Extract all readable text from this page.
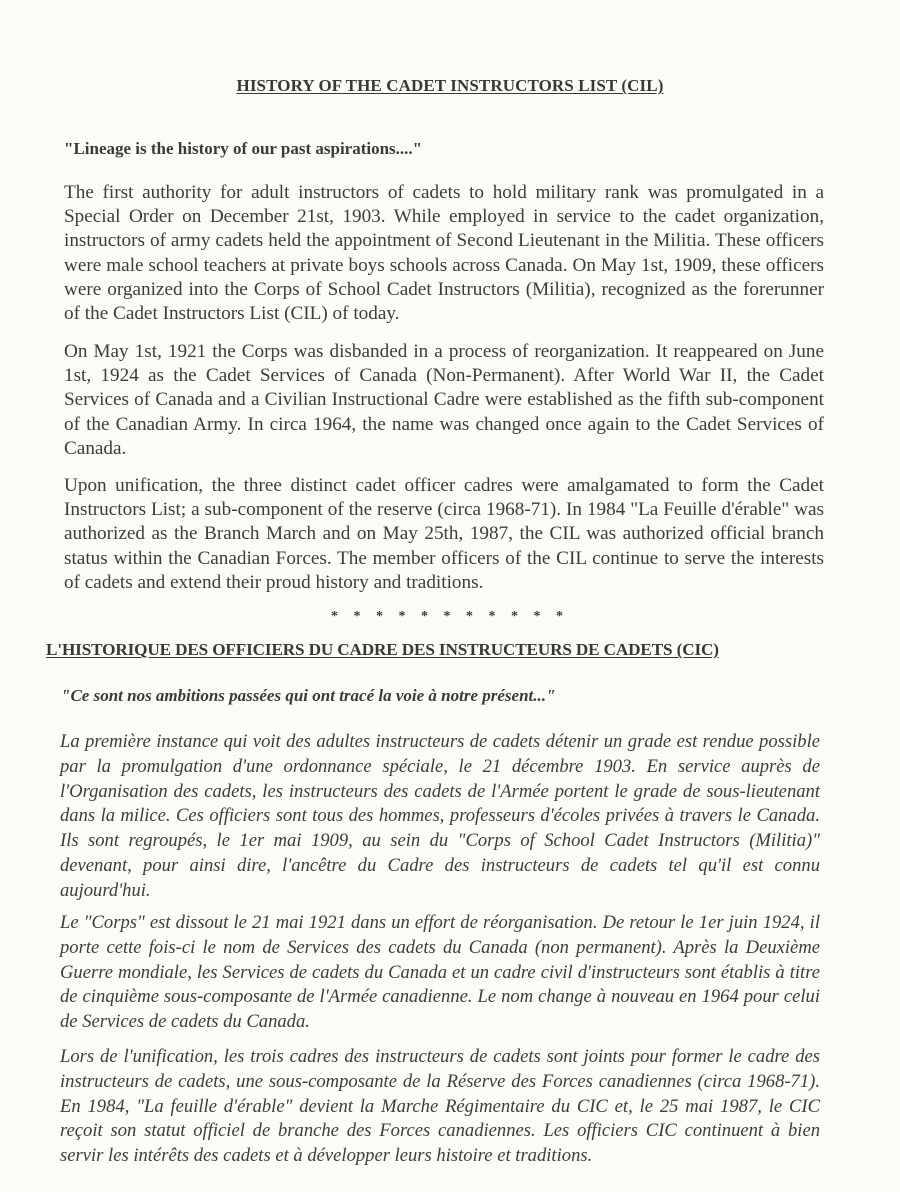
HISTORY OF THE CADET INSTRUCTORS LIST (CIL)
"Lineage is the history of our past aspirations...."

The first authority for adult instructors of cadets to hold military rank was promulgated in a Special Order on December 21st, 1903. While employed in service to the cadet organization, instructors of army cadets held the appointment of Second Lieutenant in the Militia. These officers were male school teachers at private boys schools across Canada. On May 1st, 1909, these officers were organized into the Corps of School Cadet Instructors (Militia), recognized as the forerunner of the Cadet Instructors List (CIL) of today.

On May 1st, 1921 the Corps was disbanded in a process of reorganization. It reappeared on June 1st, 1924 as the Cadet Services of Canada (Non-Permanent). After World War II, the Cadet Services of Canada and a Civilian Instructional Cadre were established as the fifth sub-component of the Canadian Army. In circa 1964, the name was changed once again to the Cadet Services of Canada.

Upon unification, the three distinct cadet officer cadres were amalgamated to form the Cadet Instructors List; a sub-component of the reserve (circa 1968-71). In 1984 "La Feuille d'érable" was authorized as the Branch March and on May 25th, 1987, the CIL was authorized official branch status within the Canadian Forces. The member officers of the CIL continue to serve the interests of cadets and extend their proud history and traditions.

* * * * * * * * * * *
L'HISTORIQUE DES OFFICIERS DU CADRE DES INSTRUCTEURS DE CADETS (CIC)
"Ce sont nos ambitions passées qui ont tracé la voie à notre présent..."

La première instance qui voit des adultes instructeurs de cadets détenir un grade est rendue possible par la promulgation d'une ordonnance spéciale, le 21 décembre 1903. En service auprès de l'Organisation des cadets, les instructeurs des cadets de l'Armée portent le grade de sous-lieutenant dans la milice. Ces officiers sont tous des hommes, professeurs d'écoles privées à travers le Canada. Ils sont regroupés, le 1er mai 1909, au sein du "Corps of School Cadet Instructors (Militia)" devenant, pour ainsi dire, l'ancêtre du Cadre des instructeurs de cadets tel qu'il est connu aujourd'hui.

Le "Corps" est dissout le 21 mai 1921 dans un effort de réorganisation. De retour le 1er juin 1924, il porte cette fois-ci le nom de Services des cadets du Canada (non permanent). Après la Deuxième Guerre mondiale, les Services de cadets du Canada et un cadre civil d'instructeurs sont établis à titre de cinquième sous-composante de l'Armée canadienne. Le nom change à nouveau en 1964 pour celui de Services de cadets du Canada.

Lors de l'unification, les trois cadres des instructeurs de cadets sont joints pour former le cadre des instructeurs de cadets, une sous-composante de la Réserve des Forces canadiennes (circa 1968-71). En 1984, "La feuille d'érable" devient la Marche Régimentaire du CIC et, le 25 mai 1987, le CIC reçoit son statut officiel de branche des Forces canadiennes. Les officiers CIC continuent à bien servir les intérêts des cadets et à développer leurs histoire et traditions.
